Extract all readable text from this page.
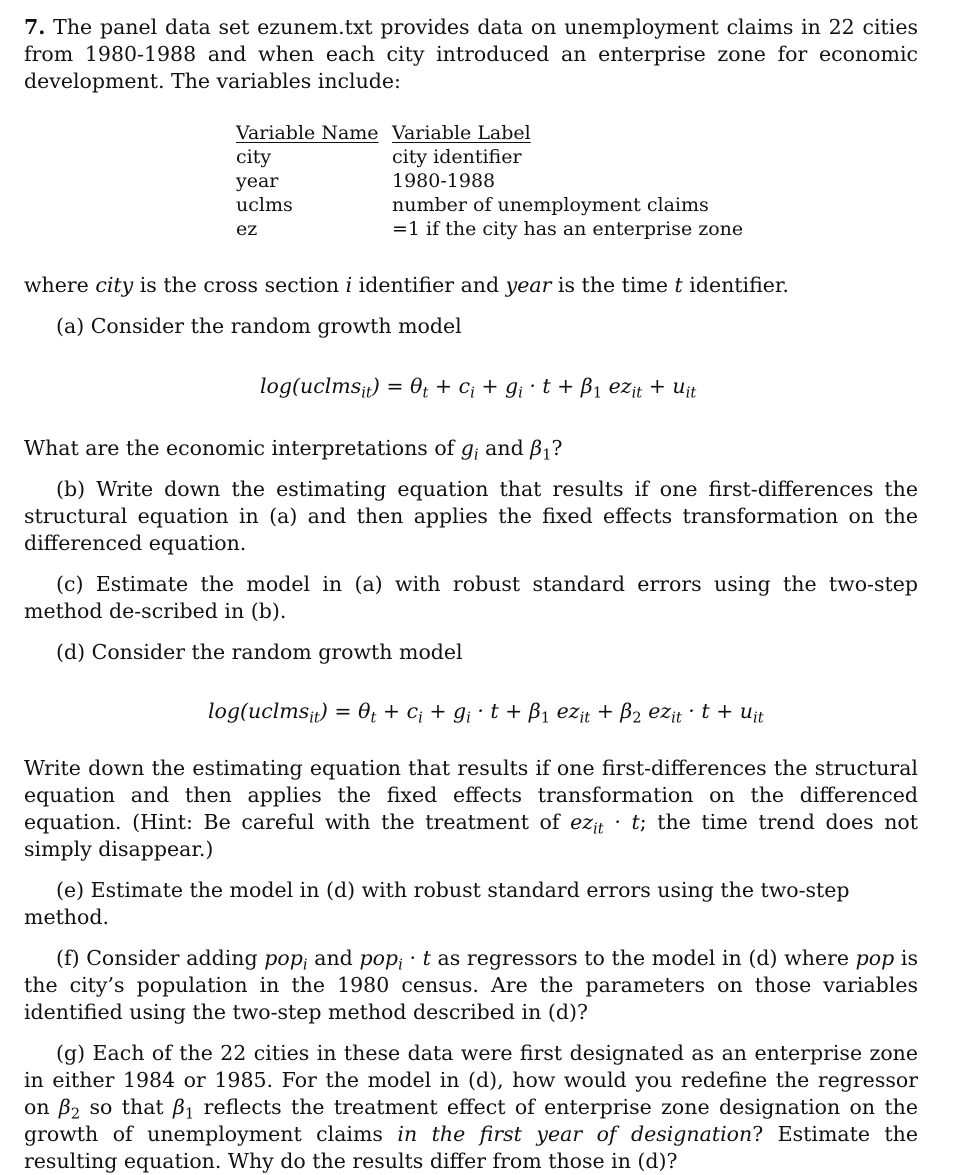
7. The panel data set ezunem.txt provides data on unemployment claims in 22 cities from 1980-1988 and when each city introduced an enterprise zone for economic development. The variables include:

Variable Name	Variable Label
city	city identifier
year	1980-1988
uclms	number of unemployment claims
ez	=1 if the city has an enterprise zone

where city is the cross section i identifier and year is the time t identifier.

(a) Consider the random growth model

log(uclms$_{it}$) = $\theta_t + c_i + g_i \cdot t + \beta_1$ $ez_{it} + u_{it}$

What are the economic interpretations of $g_i$ and $\beta_1$?

(b) Write down the estimating equation that results if one first-differences the structural equation in (a) and then applies the fixed effects transformation on the differenced equation.

(c) Estimate the model in (a) with robust standard errors using the two-step method de-scribed in (b).

(d) Consider the random growth model

log(uclms$_{it}$) = $\theta_t + c_i + g_i \cdot t + \beta_1$ $ez_{it} + \beta_2$ $ez_{it} \cdot t + u_{it}$

Write down the estimating equation that results if one first-differences the structural equation and then applies the fixed effects transformation on the differenced equation. (Hint: Be careful with the treatment of $ez_{it} \cdot t$; the time trend does not simply disappear.)

(e) Estimate the model in (d) with robust standard errors using the two-step method.

(f) Consider adding pop$_i$ and pop$_i$ · t as regressors to the model in (d) where pop is the city’s population in the 1980 census. Are the parameters on those variables identified using the two-step method described in (d)?

(g) Each of the 22 cities in these data were first designated as an enterprise zone in either 1984 or 1985. For the model in (d), how would you redefine the regressor on $\beta_2$ so that $\beta_1$ reflects the treatment effect of enterprise zone designation on the growth of unemployment claims in the first year of designation? Estimate the resulting equation. Why do the results differ from those in (d)?
